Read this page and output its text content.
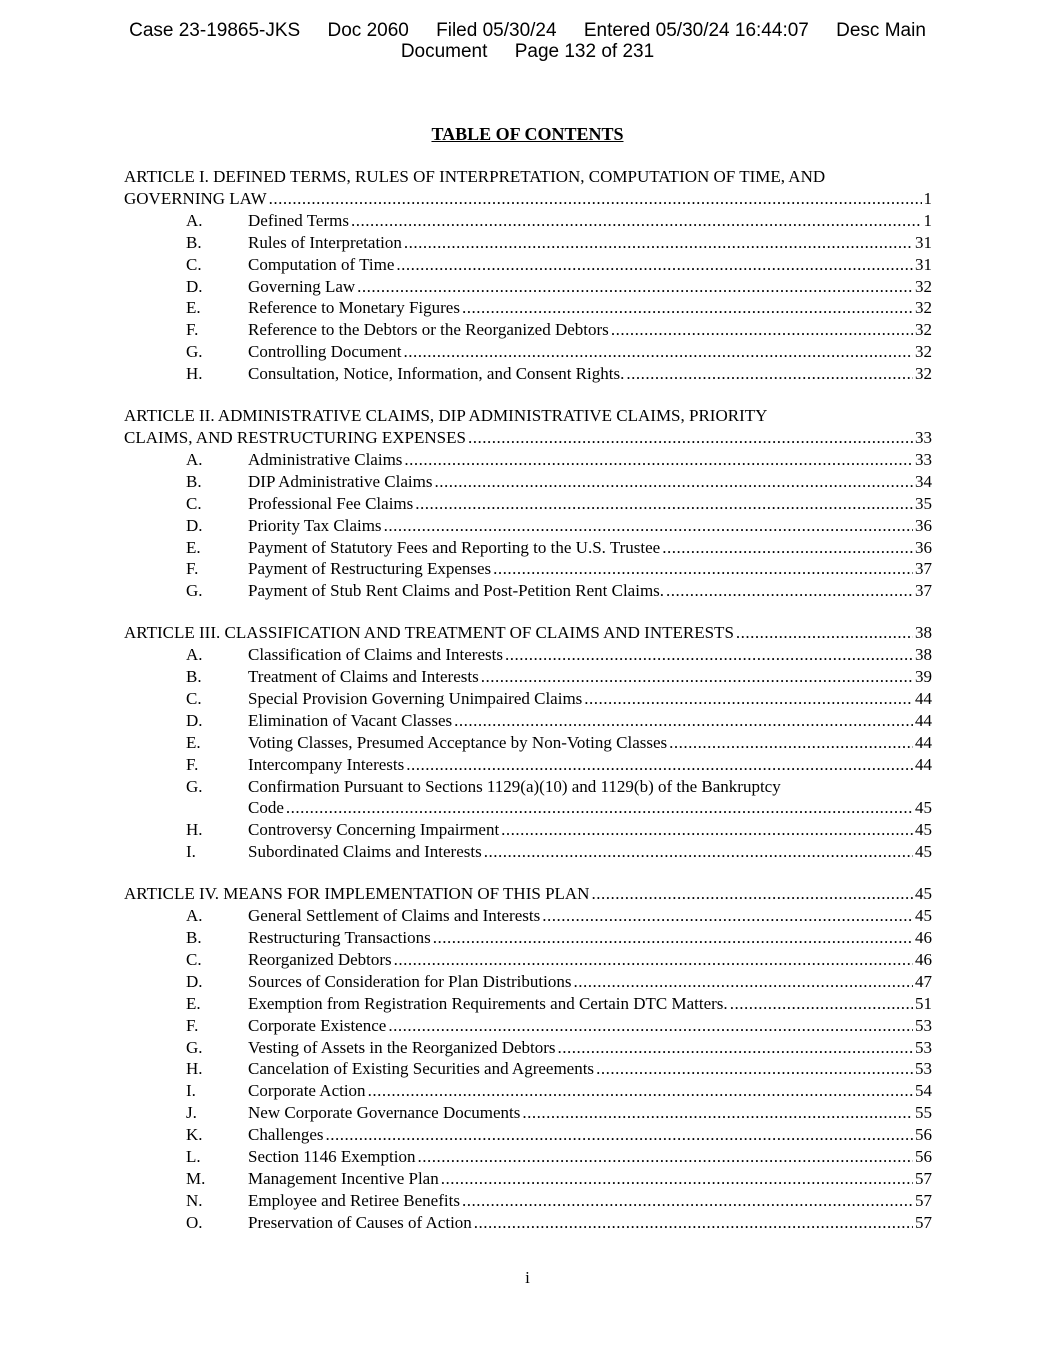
Case 23-19865-JKS Doc 2060 Filed 05/30/24 Entered 05/30/24 16:44:07 Desc Main
Document Page 132 of 231
TABLE OF CONTENTS
ARTICLE I. DEFINED TERMS, RULES OF INTERPRETATION, COMPUTATION OF TIME, AND
GOVERNING LAW .....	1
A.	Defined Terms .....	1
B.	Rules of Interpretation .....	31
C.	Computation of Time .....	31
D.	Governing Law .....	32
E.	Reference to Monetary Figures .....	32
F.	Reference to the Debtors or the Reorganized Debtors .....	32
G.	Controlling Document .....	32
H.	Consultation, Notice, Information, and Consent Rights. .....	32
ARTICLE II. ADMINISTRATIVE CLAIMS, DIP ADMINISTRATIVE CLAIMS, PRIORITY
CLAIMS, AND RESTRUCTURING EXPENSES .....	33
A.	Administrative Claims .....	33
B.	DIP Administrative Claims .....	34
C.	Professional Fee Claims .....	35
D.	Priority Tax Claims .....	36
E.	Payment of Statutory Fees and Reporting to the U.S. Trustee .....	36
F.	Payment of Restructuring Expenses .....	37
G.	Payment of Stub Rent Claims and Post-Petition Rent Claims. .....	37
ARTICLE III. CLASSIFICATION AND TREATMENT OF CLAIMS AND INTERESTS .....	38
A.	Classification of Claims and Interests .....	38
B.	Treatment of Claims and Interests .....	39
C.	Special Provision Governing Unimpaired Claims .....	44
D.	Elimination of Vacant Classes .....	44
E.	Voting Classes, Presumed Acceptance by Non-Voting Classes .....	44
F.	Intercompany Interests .....	44
G.	Confirmation Pursuant to Sections 1129(a)(10) and 1129(b) of the Bankruptcy
Code .....	45
H.	Controversy Concerning Impairment .....	45
I.	Subordinated Claims and Interests .....	45
ARTICLE IV. MEANS FOR IMPLEMENTATION OF THIS PLAN .....	45
A.	General Settlement of Claims and Interests .....	45
B.	Restructuring Transactions .....	46
C.	Reorganized Debtors .....	46
D.	Sources of Consideration for Plan Distributions .....	47
E.	Exemption from Registration Requirements and Certain DTC Matters. .....	51
F.	Corporate Existence .....	53
G.	Vesting of Assets in the Reorganized Debtors .....	53
H.	Cancelation of Existing Securities and Agreements .....	53
I.	Corporate Action .....	54
J.	New Corporate Governance Documents .....	55
K.	Challenges .....	56
L.	Section 1146 Exemption .....	56
M.	Management Incentive Plan .....	57
N.	Employee and Retiree Benefits .....	57
O.	Preservation of Causes of Action .....	57
i
